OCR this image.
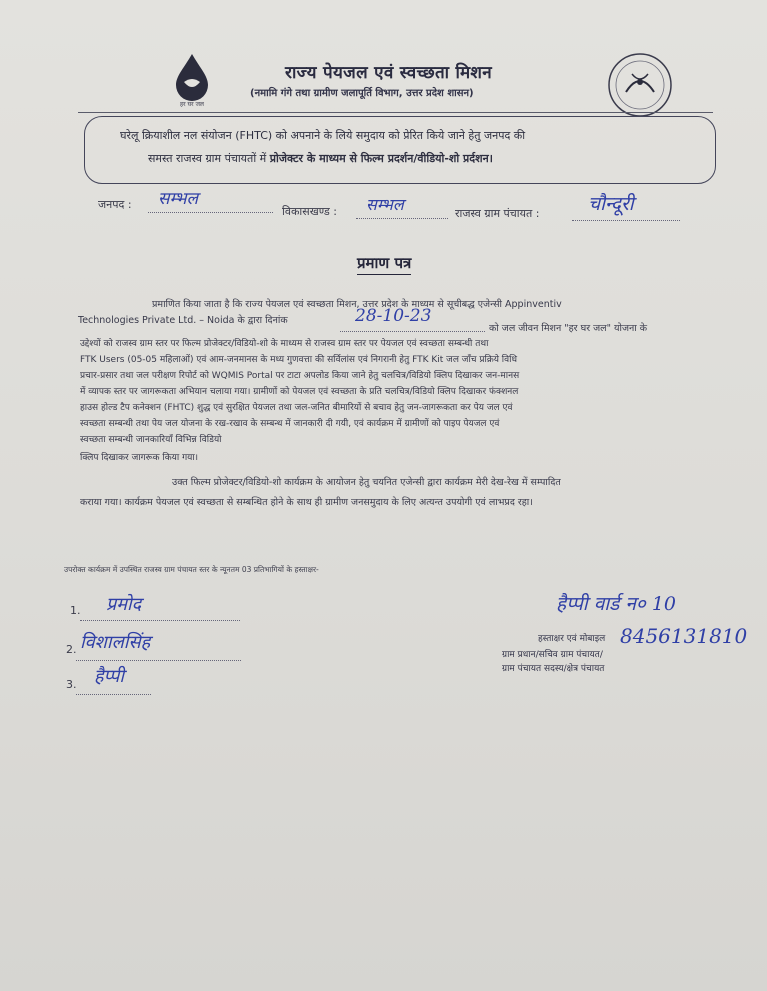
हर घर जल
राज्य पेयजल एवं स्वच्छता मिशन
(नमामि गंगे तथा ग्रामीण जलापूर्ति विभाग, उत्तर प्रदेश शासन)
घरेलू क्रियाशील नल संयोजन (FHTC) को अपनाने के लिये समुदाय को प्रेरित किये जाने हेतु जनपद की
समस्त राजस्व ग्राम पंचायतों में प्रोजेक्टर के माध्यम से फिल्म प्रदर्शन/वीडियो-शो प्रर्दशन।
जनपद : सम्भल
विकासखण्ड : सम्भल	राजस्व ग्राम पंचायत :	चौन्दूरी
प्रमाण पत्र
प्रमाणित किया जाता है कि राज्य पेयजल एवं स्वच्छता मिशन, उत्तर प्रदेश के माध्यम से सूचीबद्ध एजेन्सी Appinventiv
Technologies Private Ltd. – Noida के द्वारा दिनांक	28-10-23
को जल जीवन मिशन "हर घर जल" योजना के
उद्देश्यों को राजस्व ग्राम स्तर पर फिल्म प्रोजेक्टर/विडियो-शो के माध्यम से राजस्व ग्राम स्तर पर पेयजल एवं स्वच्छता सम्बन्धी तथा
FTK Users (05-05 महिलाओं) एवं आम-जनमानस के मध्य गुणवत्ता की सर्विलांस एवं निगरानी हेतु FTK Kit जल जाँच प्रक्रिये विधि
प्रचार-प्रसार तथा जल परीक्षण रिपोर्ट को WQMIS Portal पर टाटा अपलोड किया जाने हेतु चलचित्र/विडियो क्लिप दिखाकर जन-मानस
में व्यापक स्तर पर जागरूकता अभियान चलाया गया। ग्रामीणों को पेयजल एवं स्वच्छता के प्रति चलचित्र/विडियो क्लिप दिखाकर फंक्शनल
हाउस होल्ड टैप कनेक्शन (FHTC) शुद्ध एवं सुरक्षित पेयजल तथा जल-जनित बीमारियों से बचाव हेतु जन-जागरूकता कर पेय जल एवं
स्वच्छता सम्बन्धी तथा पेय जल योजना के रख-रखाव के सम्बन्ध में जानकारी दी गयी, एवं कार्यक्रम में ग्रामीणों को पाइप पेयजल एवं
स्वच्छता सम्बन्धी जानकारियाँ विभिन्न विडियो
क्लिप दिखाकर जागरूक किया गया।
उक्त फिल्म प्रोजेक्टर/विडियो-शो कार्यक्रम के आयोजन हेतु चयनित एजेन्सी द्वारा कार्यक्रम मेरी देख-रेख में सम्पादित
कराया गया। कार्यक्रम पेयजल एवं स्वच्छता से सम्बन्धित होने के साथ ही ग्रामीण जनसमुदाय के लिए अत्यन्त उपयोगी एवं लाभप्रद रहा।
उपरोक्त कार्यक्रम में उपस्थित राजस्व ग्राम पंचायत स्तर के न्यूनतम 03 प्रतिभागियों के हस्ताक्षर-
1. प्रमोद
2. विशालसिंह
3. हैप्पी
हैप्पी वार्ड न० 10
हस्ताक्षर एवं मोबाइल 8456131810
ग्राम प्रधान/सचिव ग्राम पंचायत/
ग्राम पंचायत सदस्य/क्षेत्र पंचायत
